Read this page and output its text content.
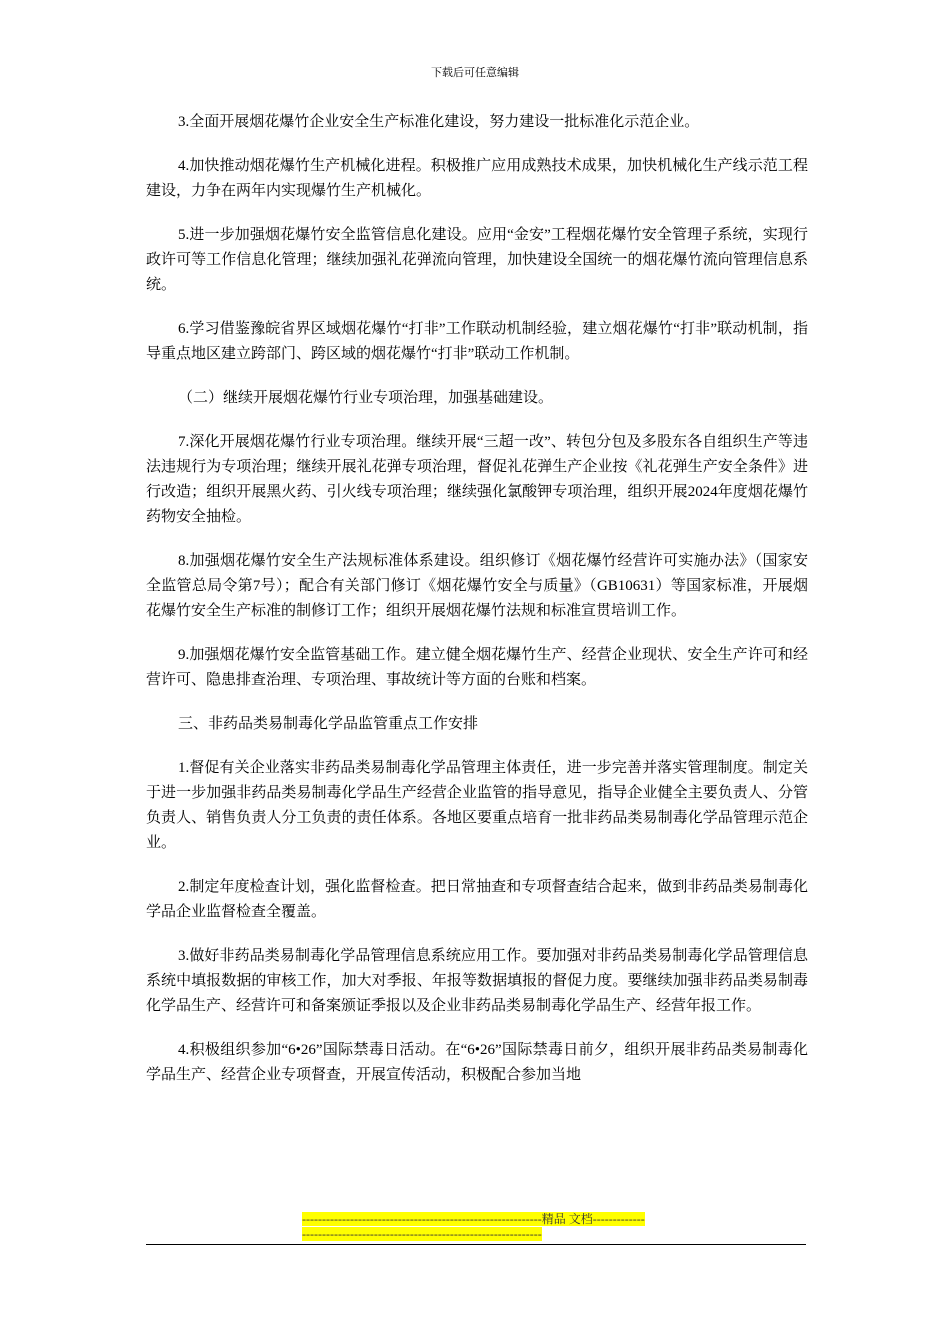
下载后可任意编辑

3.全面开展烟花爆竹企业安全生产标准化建设，努力建设一批标准化示范企业。

4.加快推动烟花爆竹生产机械化进程。积极推广应用成熟技术成果，加快机械化生产线示范工程建设，力争在两年内实现爆竹生产机械化。

5.进一步加强烟花爆竹安全监管信息化建设。应用“金安”工程烟花爆竹安全管理子系统，实现行政许可等工作信息化管理；继续加强礼花弹流向管理，加快建设全国统一的烟花爆竹流向管理信息系统。

6.学习借鉴豫皖省界区域烟花爆竹“打非”工作联动机制经验，建立烟花爆竹“打非”联动机制，指导重点地区建立跨部门、跨区域的烟花爆竹“打非”联动工作机制。

（二）继续开展烟花爆竹行业专项治理，加强基础建设。

7.深化开展烟花爆竹行业专项治理。继续开展“三超一改”、转包分包及多股东各自组织生产等违法违规行为专项治理；继续开展礼花弹专项治理，督促礼花弹生产企业按《礼花弹生产安全条件》进行改造；组织开展黑火药、引火线专项治理；继续强化氯酸钾专项治理，组织开展2024年度烟花爆竹药物安全抽检。

8.加强烟花爆竹安全生产法规标准体系建设。组织修订《烟花爆竹经营许可实施办法》（国家安全监管总局令第7号）；配合有关部门修订《烟花爆竹安全与质量》（GB10631）等国家标准，开展烟花爆竹安全生产标准的制修订工作；组织开展烟花爆竹法规和标准宣贯培训工作。

9.加强烟花爆竹安全监管基础工作。建立健全烟花爆竹生产、经营企业现状、安全生产许可和经营许可、隐患排查治理、专项治理、事故统计等方面的台账和档案。

三、非药品类易制毒化学品监管重点工作安排

1.督促有关企业落实非药品类易制毒化学品管理主体责任，进一步完善并落实管理制度。制定关于进一步加强非药品类易制毒化学品生产经营企业监管的指导意见，指导企业健全主要负责人、分管负责人、销售负责人分工负责的责任体系。各地区要重点培育一批非药品类易制毒化学品管理示范企业。

2.制定年度检查计划，强化监督检查。把日常抽查和专项督查结合起来，做到非药品类易制毒化学品企业监督检查全覆盖。

3.做好非药品类易制毒化学品管理信息系统应用工作。要加强对非药品类易制毒化学品管理信息系统中填报数据的审核工作，加大对季报、年报等数据填报的督促力度。要继续加强非药品类易制毒化学品生产、经营许可和备案颁证季报以及企业非药品类易制毒化学品生产、经营年报工作。

4.积极组织参加“6•26”国际禁毒日活动。在“6•26”国际禁毒日前夕，组织开展非药品类易制毒化学品生产、经营企业专项督查，开展宣传活动，积极配合参加当地

------------------------------------------------------------精品 文档-------------------------------------------------------------------------
